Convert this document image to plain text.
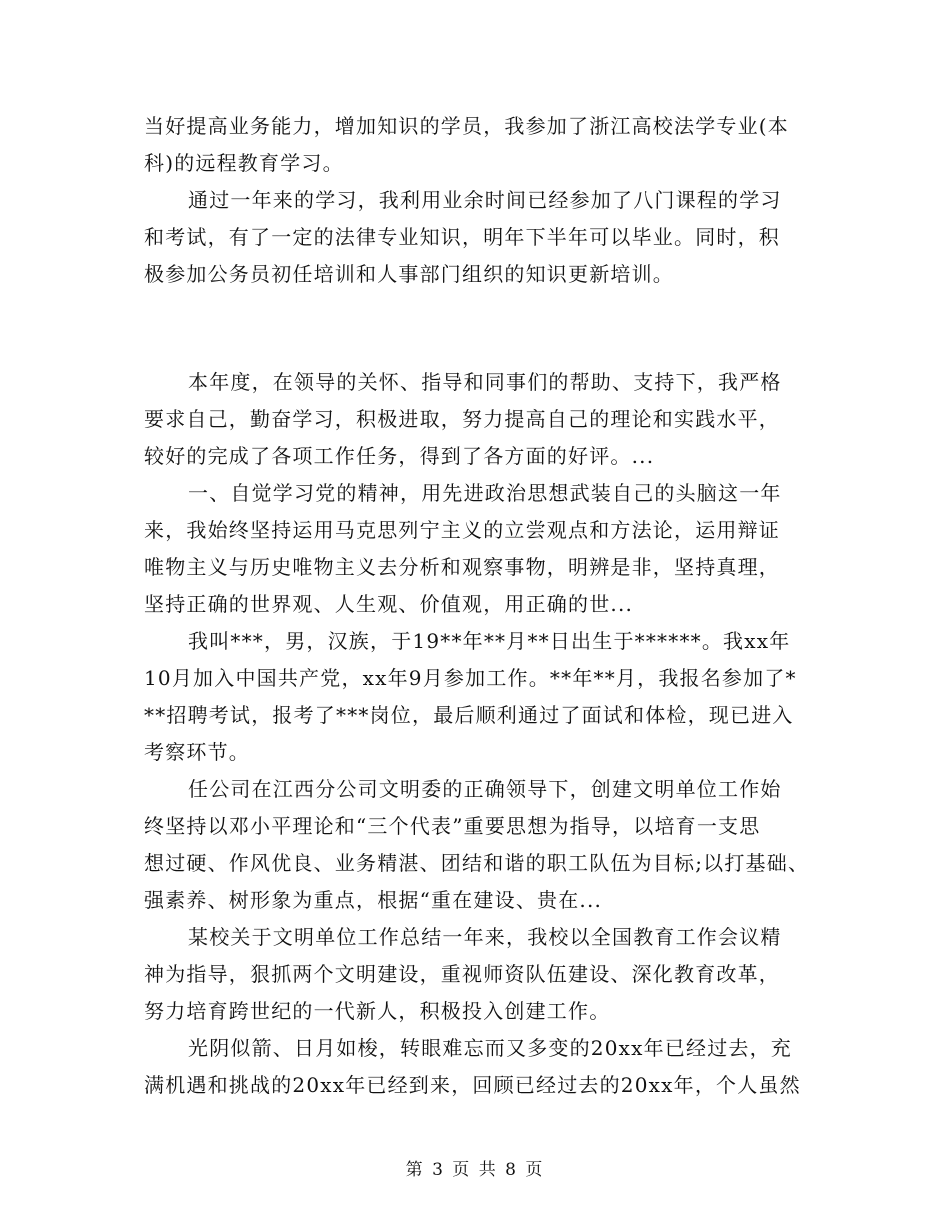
当好提高业务能力，增加知识的学员，我参加了浙江高校法学专业(本
科)的远程教育学习。
通过一年来的学习，我利用业余时间已经参加了八门课程的学习
和考试，有了一定的法律专业知识，明年下半年可以毕业。同时，积
极参加公务员初任培训和人事部门组织的知识更新培训。
本年度，在领导的关怀、指导和同事们的帮助、支持下，我严格
要求自己，勤奋学习，积极进取，努力提高自己的理论和实践水平，
较好的完成了各项工作任务，得到了各方面的好评。...
一、自觉学习党的精神，用先进政治思想武装自己的头脑这一年
来，我始终坚持运用马克思列宁主义的立尝观点和方法论，运用辩证
唯物主义与历史唯物主义去分析和观察事物，明辨是非，坚持真理，
坚持正确的世界观、人生观、价值观，用正确的世...
我叫***，男，汉族，于19**年**月**日出生于******。我xx年
10月加入中国共产党，xx年9月参加工作。**年**月，我报名参加了*
**招聘考试，报考了***岗位，最后顺利通过了面试和体检，现已进入
考察环节。
任公司在江西分公司文明委的正确领导下，创建文明单位工作始
终坚持以邓小平理论和“三个代表”重要思想为指导，以培育一支思
想过硬、作风优良、业务精湛、团结和谐的职工队伍为目标;以打基础、
强素养、树形象为重点，根据“重在建设、贵在...
某校关于文明单位工作总结一年来，我校以全国教育工作会议精
神为指导，狠抓两个文明建设，重视师资队伍建设、深化教育改革，
努力培育跨世纪的一代新人，积极投入创建工作。
光阴似箭、日月如梭，转眼难忘而又多变的20xx年已经过去，充
满机遇和挑战的20xx年已经到来，回顾已经过去的20xx年，个人虽然
第 3 页 共 8 页
